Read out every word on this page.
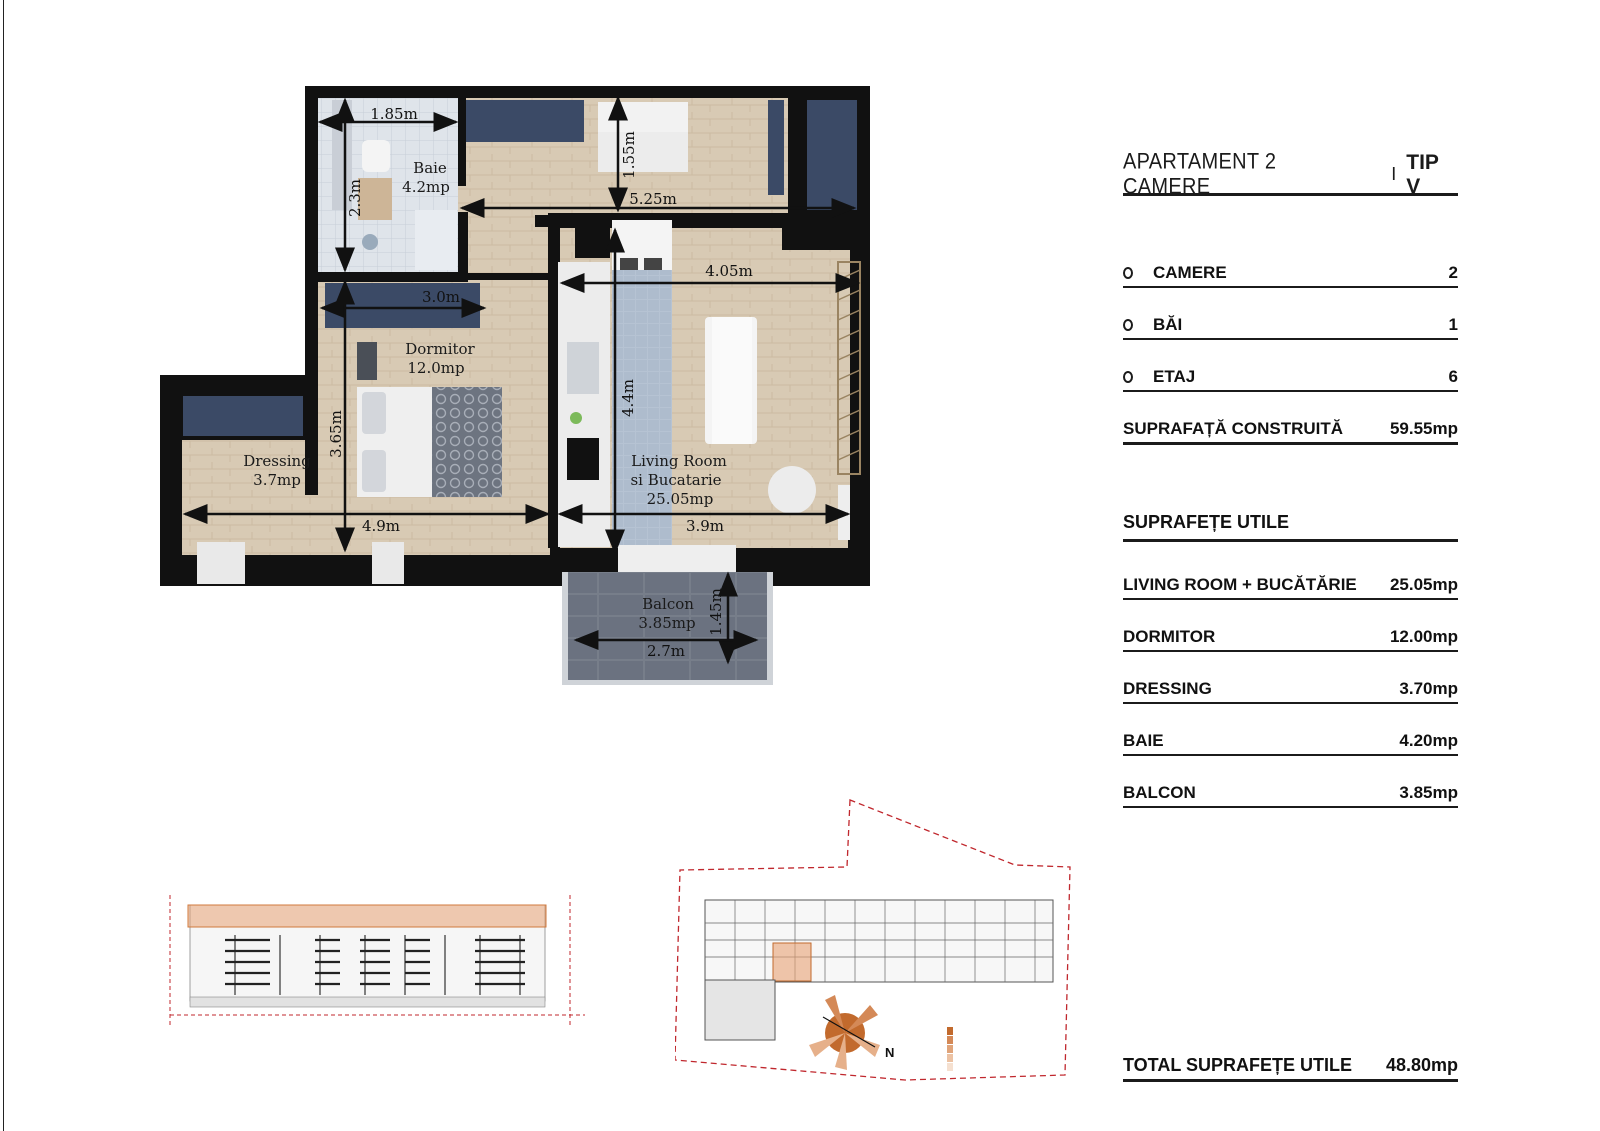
Baie
4.2mp
Dormitor
12.0mp
Dressing
3.7mp
Living Room
si Bucatarie
25.05mp
Balcon
3.85mp
1.85m
2.3m
1.55m
5.25m
3.0m
3.65m
4.05m
4.4m
4.9m	3.9m
1.45m
2.7m
APARTAMENT 2 CAMERE
I
TIP V
CAMERE	2
BĂI	1
ETAJ	6
SUPRAFAȚĂ CONSTRUITĂ	59.55mp
SUPRAFEȚE UTILE
LIVING ROOM + BUCĂTĂRIE 25.05mp
DORMITOR	12.00mp
DRESSING	3.70mp
BAIE	4.20mp
BALCON	3.85mp
TOTAL SUPRAFEȚE UTILE 48.80mp
N
